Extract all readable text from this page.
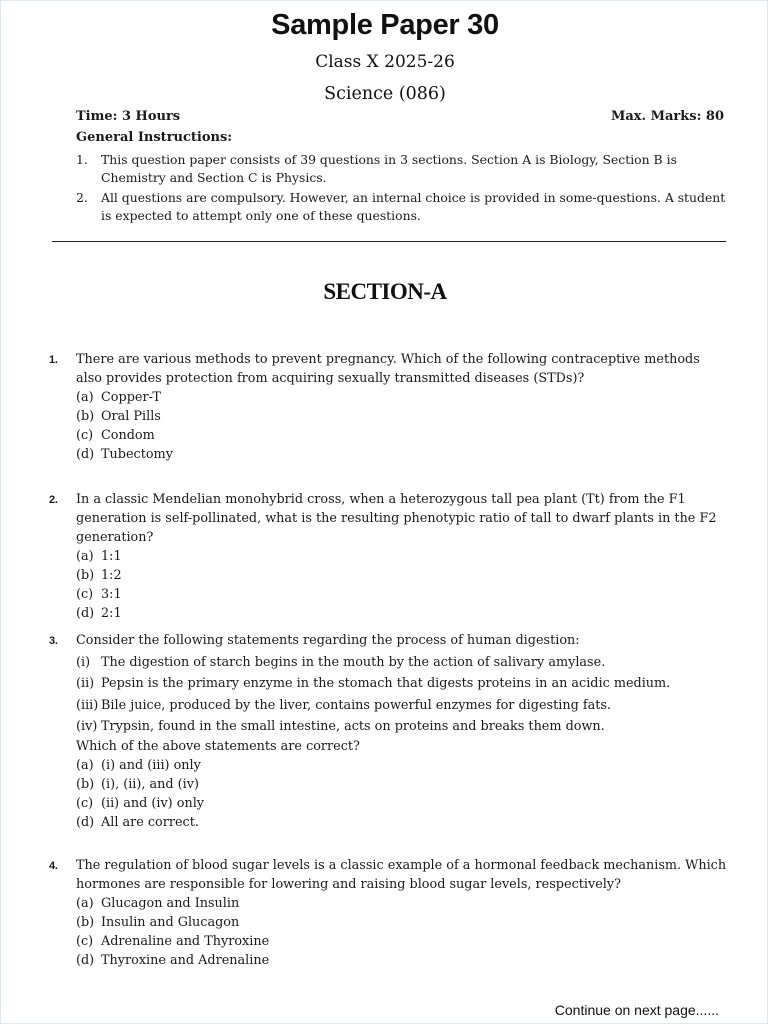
Sample Paper 30
Class X 2025-26
Science (086)
Time: 3 Hours	Max. Marks: 80
General Instructions:
1. This question paper consists of 39 questions in 3 sections. Section A is Biology, Section B is Chemistry and Section C is Physics.
2. All questions are compulsory. However, an internal choice is provided in some-questions. A student is expected to attempt only one of these questions.
SECTION-A
1. There are various methods to prevent pregnancy. Which of the following contraceptive methods also provides protection from acquiring sexually transmitted diseases (STDs)?
(a) Copper-T
(b) Oral Pills
(c) Condom
(d) Tubectomy
2. In a classic Mendelian monohybrid cross, when a heterozygous tall pea plant (Tt) from the F1 generation is self-pollinated, what is the resulting phenotypic ratio of tall to dwarf plants in the F2 generation?
(a) 1:1
(b) 1:2
(c) 3:1
(d) 2:1
3. Consider the following statements regarding the process of human digestion:
(i) The digestion of starch begins in the mouth by the action of salivary amylase.
(ii) Pepsin is the primary enzyme in the stomach that digests proteins in an acidic medium.
(iii) Bile juice, produced by the liver, contains powerful enzymes for digesting fats.
(iv) Trypsin, found in the small intestine, acts on proteins and breaks them down.
Which of the above statements are correct?
(a) (i) and (iii) only
(b) (i), (ii), and (iv)
(c) (ii) and (iv) only
(d) All are correct.
4. The regulation of blood sugar levels is a classic example of a hormonal feedback mechanism. Which hormones are responsible for lowering and raising blood sugar levels, respectively?
(a) Glucagon and Insulin
(b) Insulin and Glucagon
(c) Adrenaline and Thyroxine
(d) Thyroxine and Adrenaline
Continue on next page......
